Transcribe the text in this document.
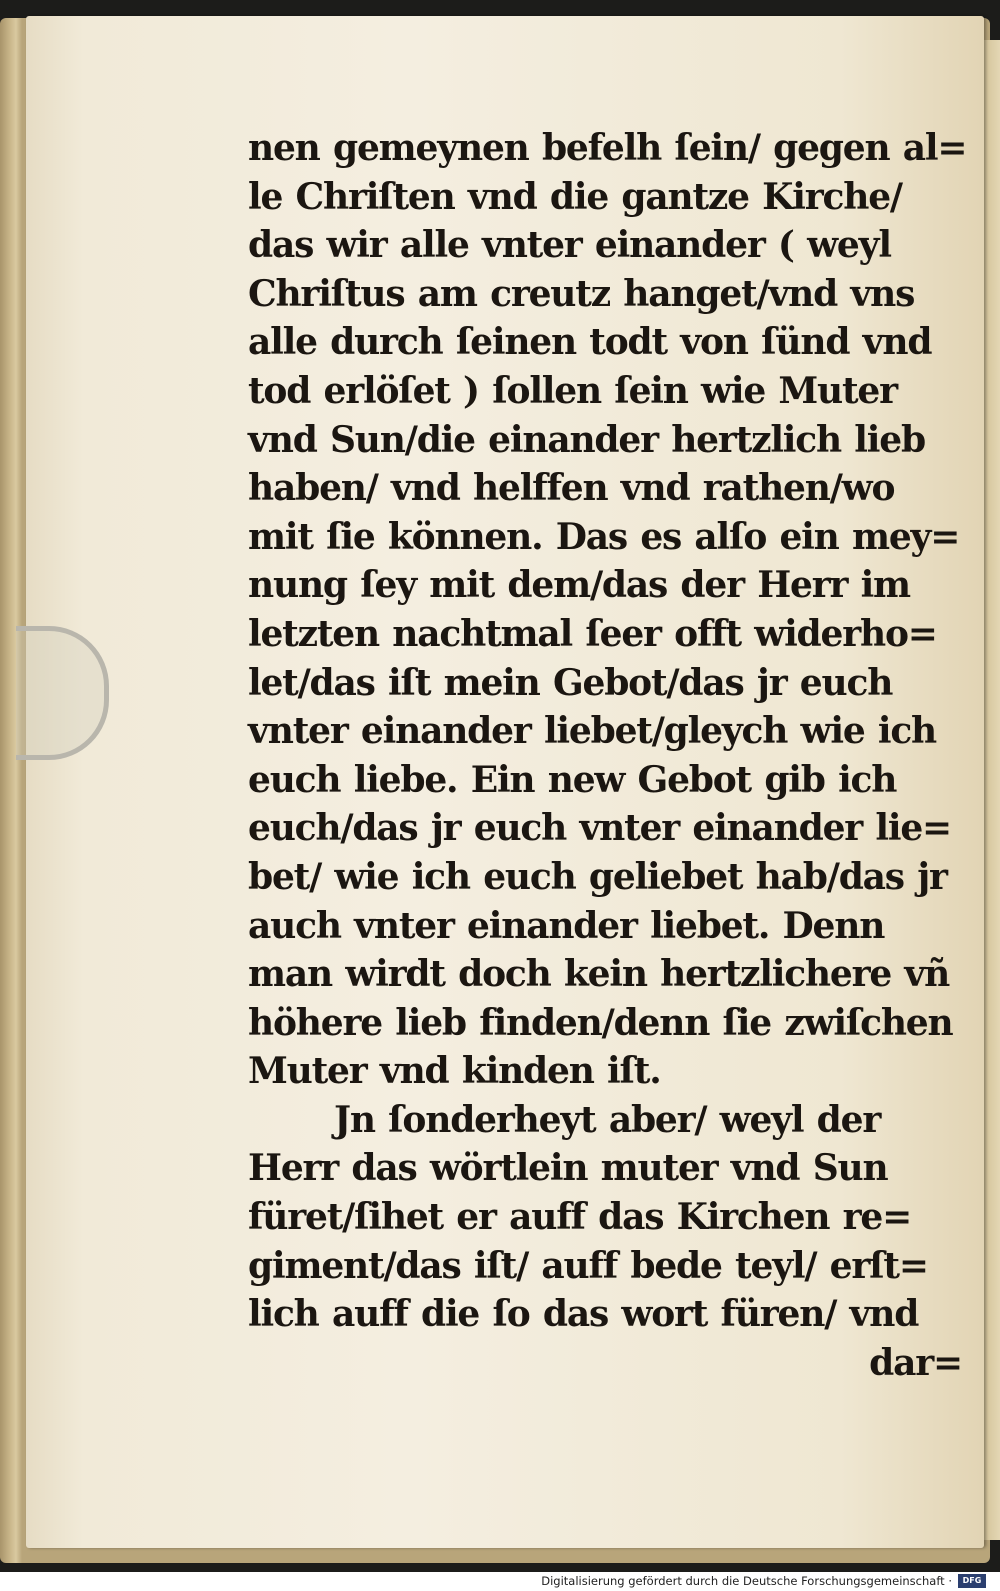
nen gemeynen befelh ſein/ gegen al=
le Chriſten vnd die gantze Kirche/
das wir alle vnter einander ( weyl
Chriſtus am creutz hanget/vnd vns
alle durch ſeinen todt von ſünd vnd
tod erlöſet ) ſollen ſein wie Muter
vnd Sun/die einander hertzlich lieb
haben/ vnd helffen vnd rathen/wo
mit ſie können. Das es alſo ein mey=
nung ſey mit dem/das der Herr im
letzten nachtmal ſeer offt widerho=
let/das iſt mein Gebot/das jr euch
vnter einander liebet/gleych wie ich
euch liebe. Ein new Gebot gib ich
euch/das jr euch vnter einander lie=
bet/ wie ich euch geliebet hab/das jr
auch vnter einander liebet. Denn
man wirdt doch kein hertzlichere vñ
höhere lieb finden/denn ſie zwiſchen
Muter vnd kinden iſt.
Jn ſonderheyt aber/ weyl der
Herr das wörtlein muter vnd Sun
füret/ſihet er auff das Kirchen re=
giment/das iſt/ auff bede teyl/ erſt=
lich auff die ſo das wort füren/ vnd
dar=
Digitalisierung gefördert durch die Deutsche Forschungsgemeinschaft ·	DFG
